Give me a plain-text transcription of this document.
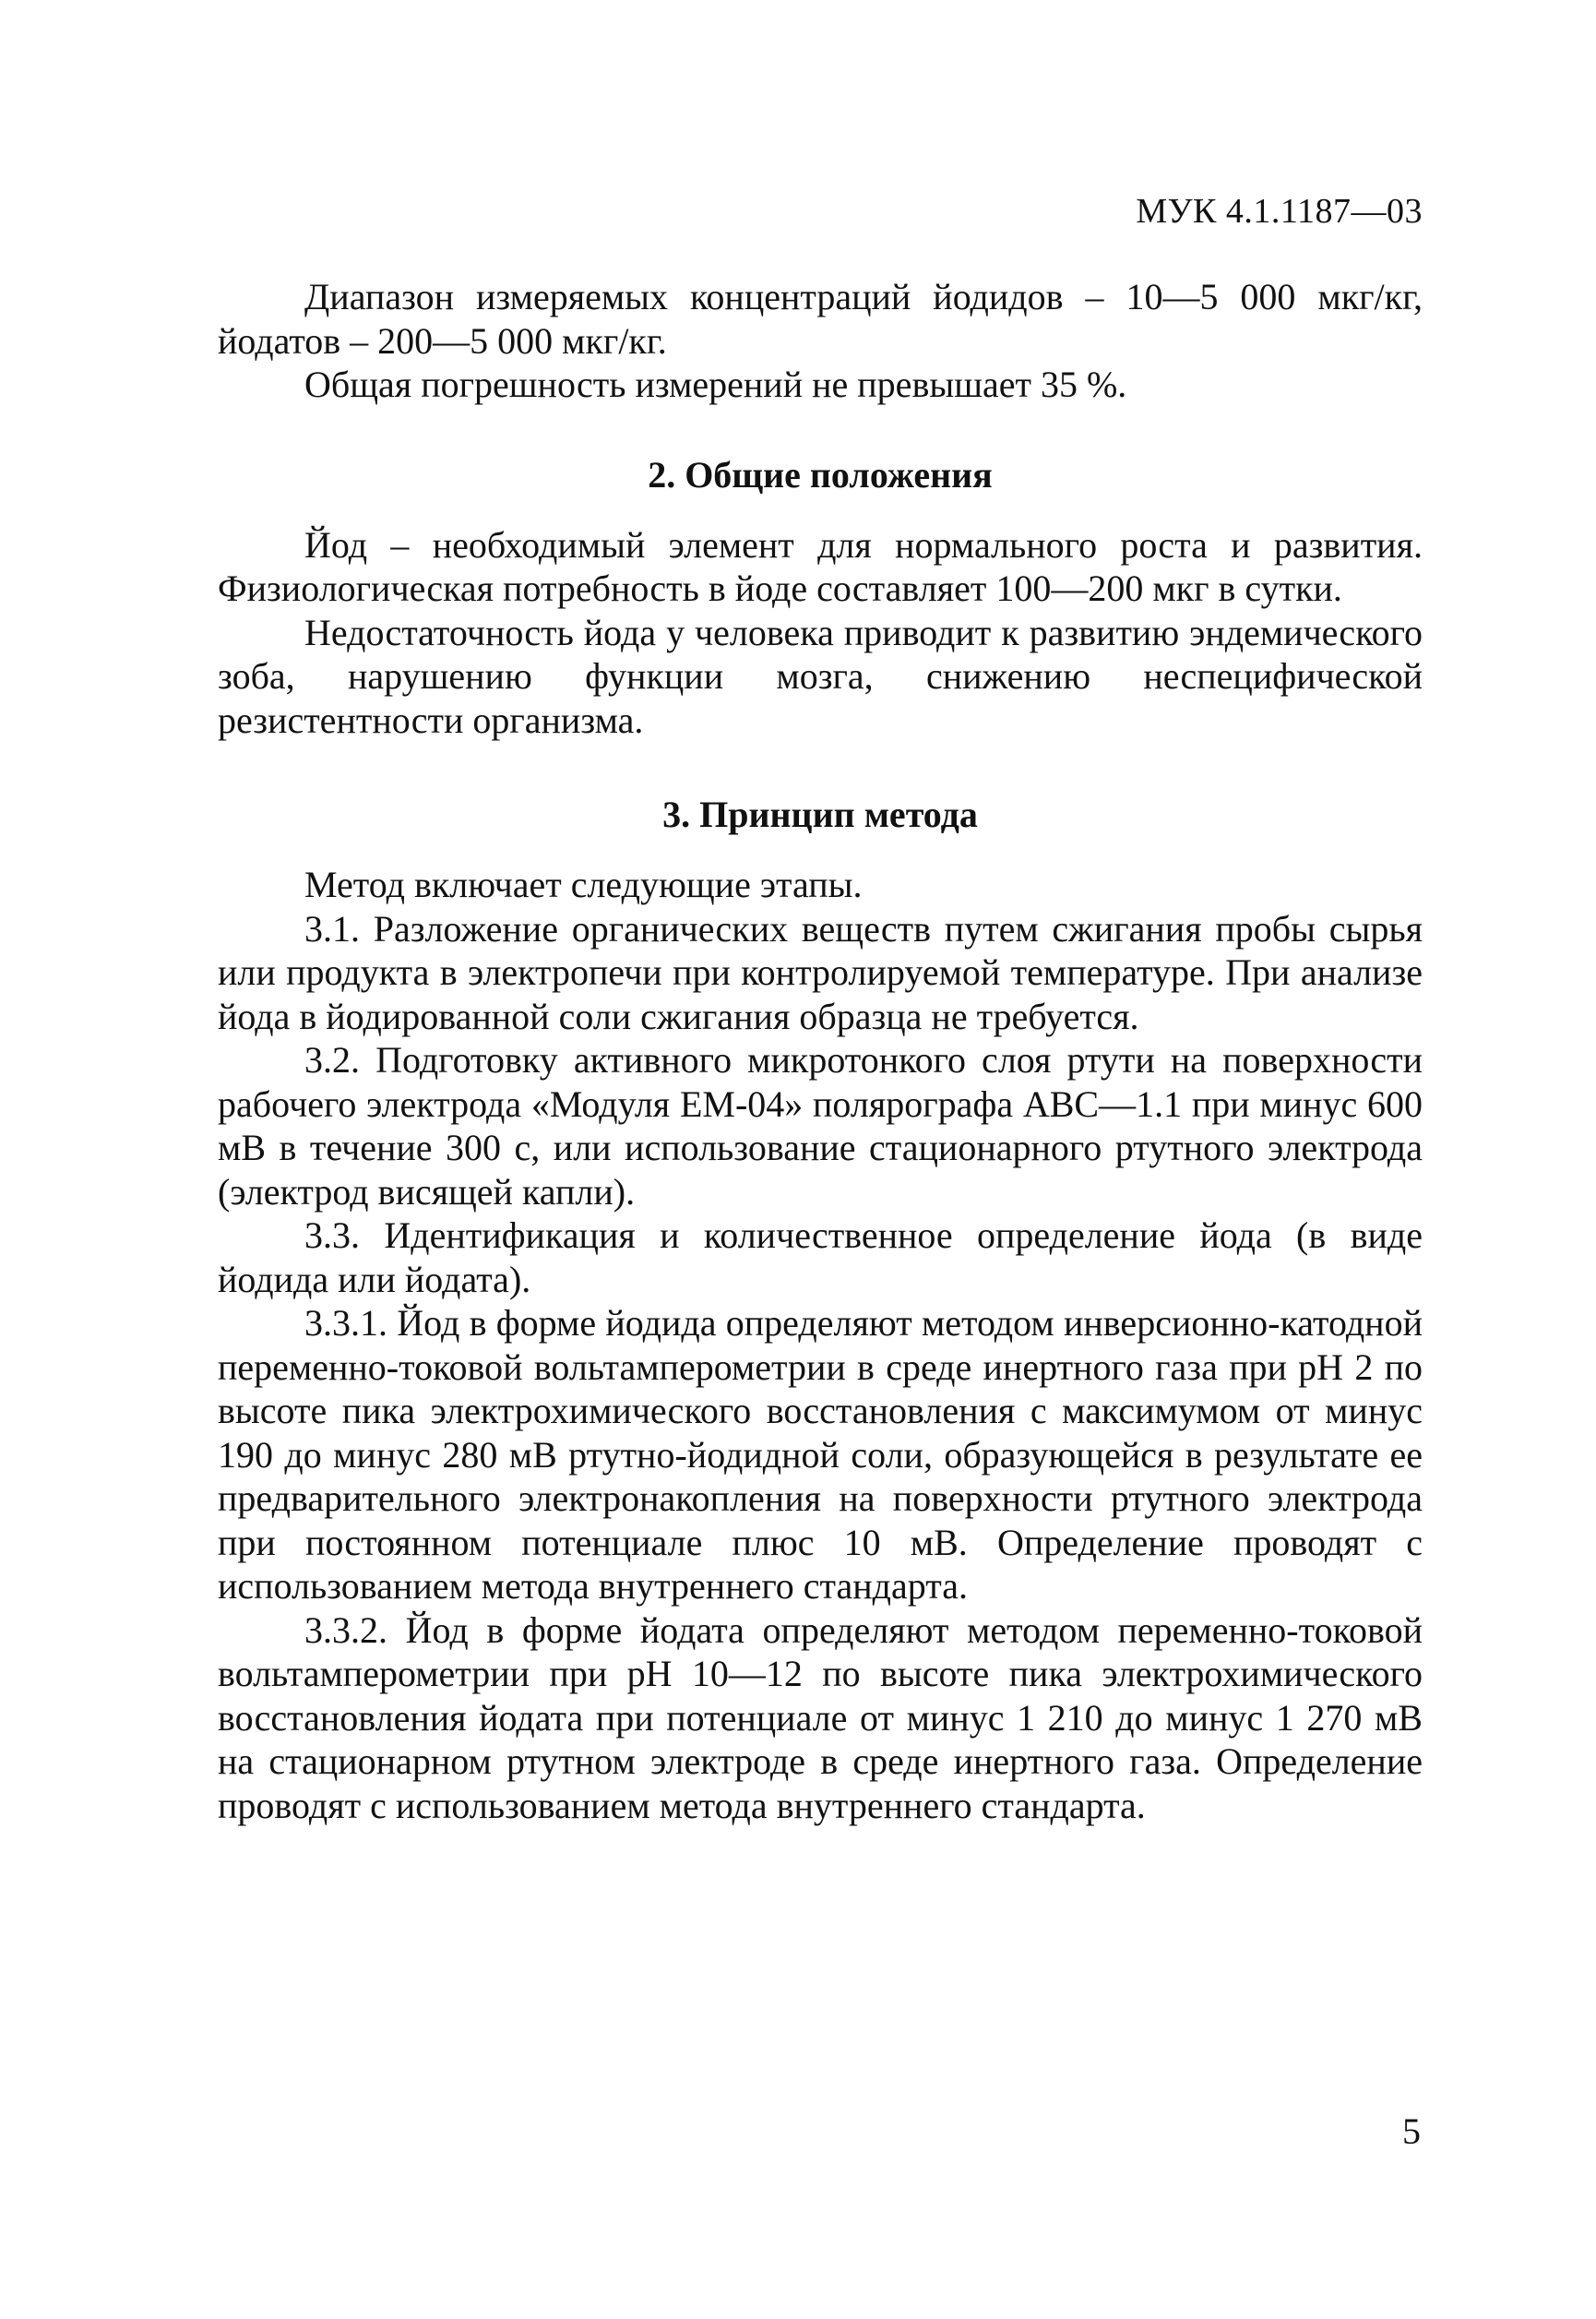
МУК 4.1.1187—03

Диапазон измеряемых концентраций йодидов – 10—5 000 мкг/кг, йодатов – 200—5 000 мкг/кг.

Общая погрешность измерений не превышает 35 %.

2. Общие положения

Йод – необходимый элемент для нормального роста и развития. Физиологическая потребность в йоде составляет 100—200 мкг в сутки.

Недостаточность йода у человека приводит к развитию эндемического зоба, нарушению функции мозга, снижению неспецифической резистентности организма.

3. Принцип метода

Метод включает следующие этапы.

3.1. Разложение органических веществ путем сжигания пробы сырья или продукта в электропечи при контролируемой температуре. При анализе йода в йодированной соли сжигания образца не требуется.

3.2. Подготовку активного микротонкого слоя ртути на поверхности рабочего электрода «Модуля ЕМ-04» полярографа АВС—1.1 при минус 600 мВ в течение 300 с, или использование стационарного ртутного электрода (электрод висящей капли).

3.3. Идентификация и количественное определение йода (в виде йодида или йодата).

3.3.1. Йод в форме йодида определяют методом инверсионно-катодной переменно-токовой вольтамперометрии в среде инертного газа при рН 2 по высоте пика электрохимического восстановления с максимумом от минус 190 до минус 280 мВ ртутно-йодидной соли, образующейся в результате ее предварительного электронакопления на поверхности ртутного электрода при постоянном потенциале плюс 10 мВ. Определение проводят с использованием метода внутреннего стандарта.

3.3.2. Йод в форме йодата определяют методом переменно-токовой вольтамперометрии при рН 10—12 по высоте пика электрохимического восстановления йодата при потенциале от минус 1 210 до минус 1 270 мВ на стационарном ртутном электроде в среде инертного газа. Определение проводят с использованием метода внутреннего стандарта.

5
